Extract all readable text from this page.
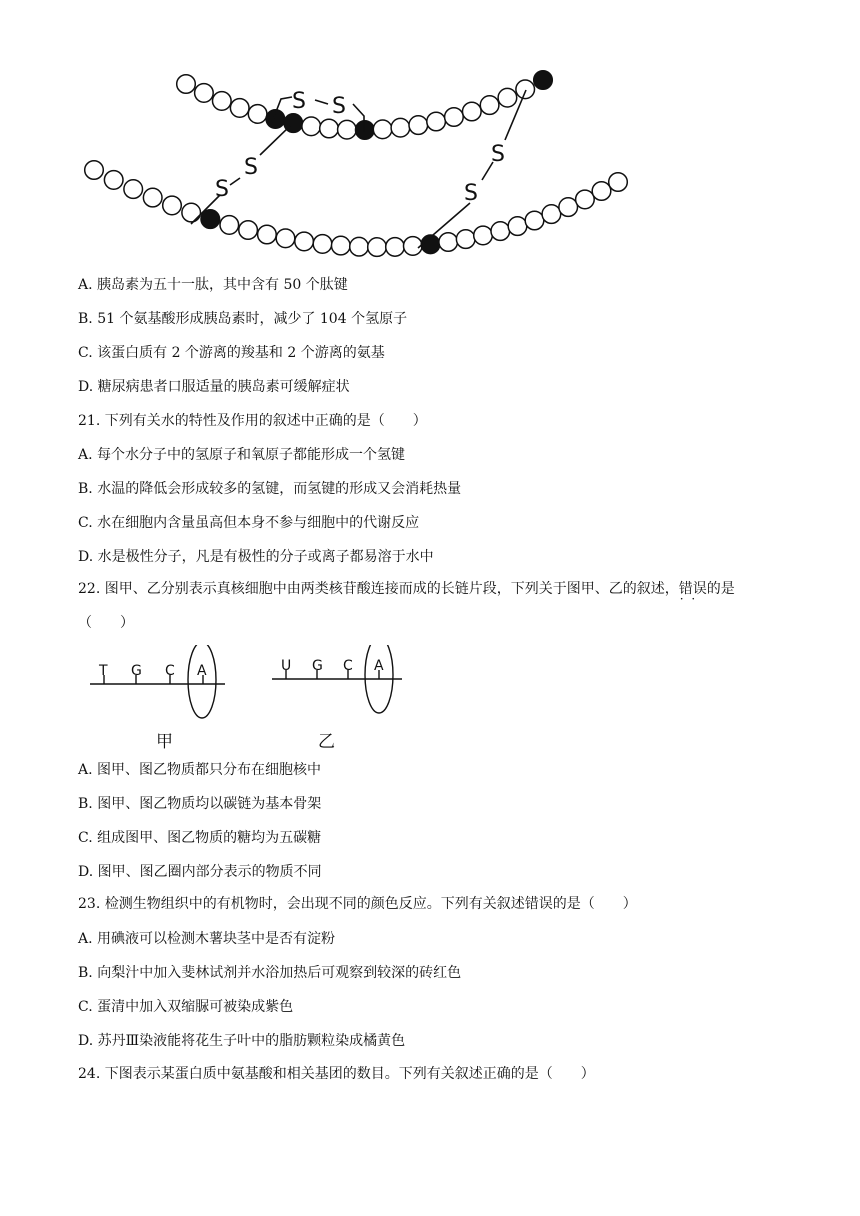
S S
S
S
S
S
A. 胰岛素为五十一肽，其中含有 50 个肽键
B. 51 个氨基酸形成胰岛素时，减少了 104 个氢原子
C. 该蛋白质有 2 个游离的羧基和 2 个游离的氨基
D. 糖尿病患者口服适量的胰岛素可缓解症状
21. 下列有关水的特性及作用的叙述中正确的是（　　）
A. 每个水分子中的氢原子和氧原子都能形成一个氢键
B. 水温的降低会形成较多的氢键，而氢键的形成又会消耗热量
C. 水在细胞内含量虽高但本身不参与细胞中的代谢反应
D. 水是极性分子，凡是有极性的分子或离子都易溶于水中
22. 图甲、乙分别表示真核细胞中由两类核苷酸连接而成的长链片段，下列关于图甲、乙的叙述，错误 · ·的是
（　　）
T G C A
甲
U G C A
乙
A. 图甲、图乙物质都只分布在细胞核中
B. 图甲、图乙物质均以碳链为基本骨架
C. 组成图甲、图乙物质的糖均为五碳糖
D. 图甲、图乙圈内部分表示的物质不同
23. 检测生物组织中的有机物时，会出现不同的颜色反应。下列有关叙述错误的是（　　）
A. 用碘液可以检测木薯块茎中是否有淀粉
B. 向梨汁中加入斐林试剂并水浴加热后可观察到较深的砖红色
C. 蛋清中加入双缩脲可被染成紫色
D. 苏丹Ⅲ染液能将花生子叶中的脂肪颗粒染成橘黄色
24. 下图表示某蛋白质中氨基酸和相关基团的数目。下列有关叙述正确的是（　　）
